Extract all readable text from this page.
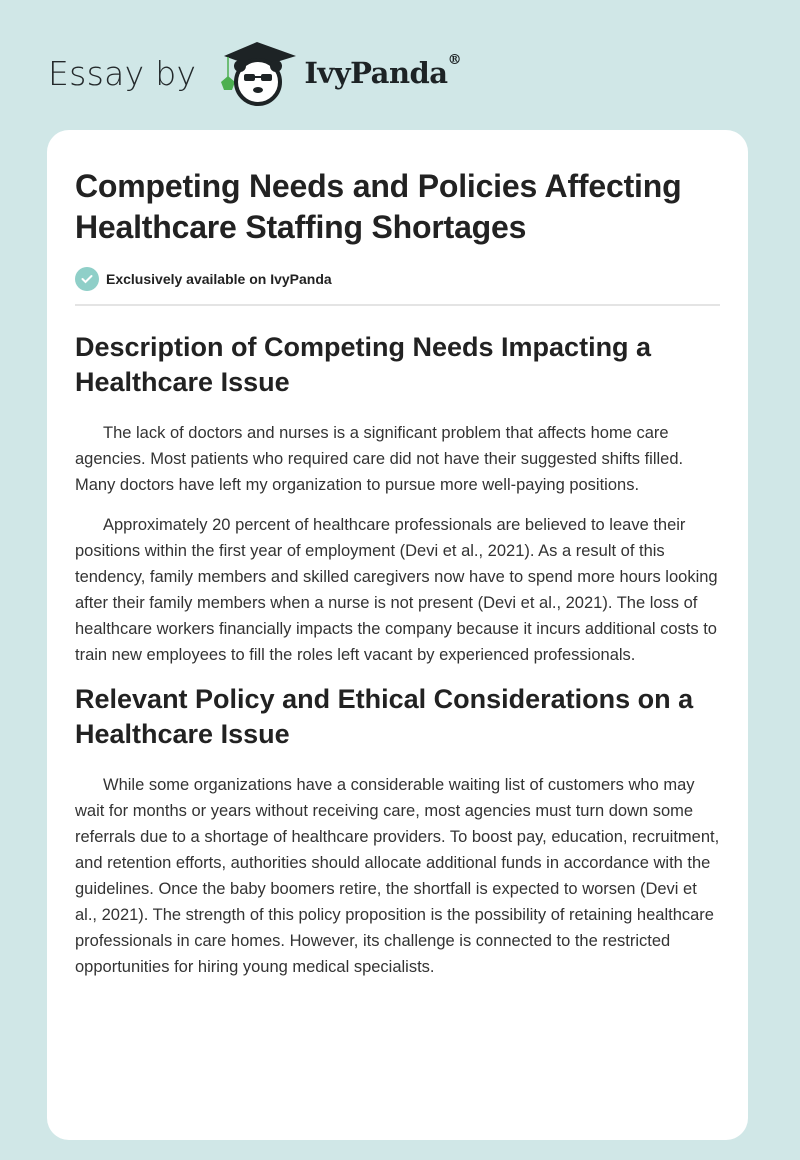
Essay by	IvyPanda®
Competing Needs and Policies Affecting Healthcare Staffing Shortages
Exclusively available on IvyPanda
Description of Competing Needs Impacting a Healthcare Issue

The lack of doctors and nurses is a significant problem that affects home care agencies. Most patients who required care did not have their suggested shifts filled. Many doctors have left my organization to pursue more well-paying positions.

Approximately 20 percent of healthcare professionals are believed to leave their positions within the first year of employment (Devi et al., 2021). As a result of this tendency, family members and skilled caregivers now have to spend more hours looking after their family members when a nurse is not present (Devi et al., 2021). The loss of healthcare workers financially impacts the company because it incurs additional costs to train new employees to fill the roles left vacant by experienced professionals.

Relevant Policy and Ethical Considerations on a Healthcare Issue

While some organizations have a considerable waiting list of customers who may wait for months or years without receiving care, most agencies must turn down some referrals due to a shortage of healthcare providers. To boost pay, education, recruitment, and retention efforts, authorities should allocate additional funds in accordance with the guidelines. Once the baby boomers retire, the shortfall is expected to worsen (Devi et al., 2021). The strength of this policy proposition is the possibility of retaining healthcare professionals in care homes. However, its challenge is connected to the restricted opportunities for hiring young medical specialists.
